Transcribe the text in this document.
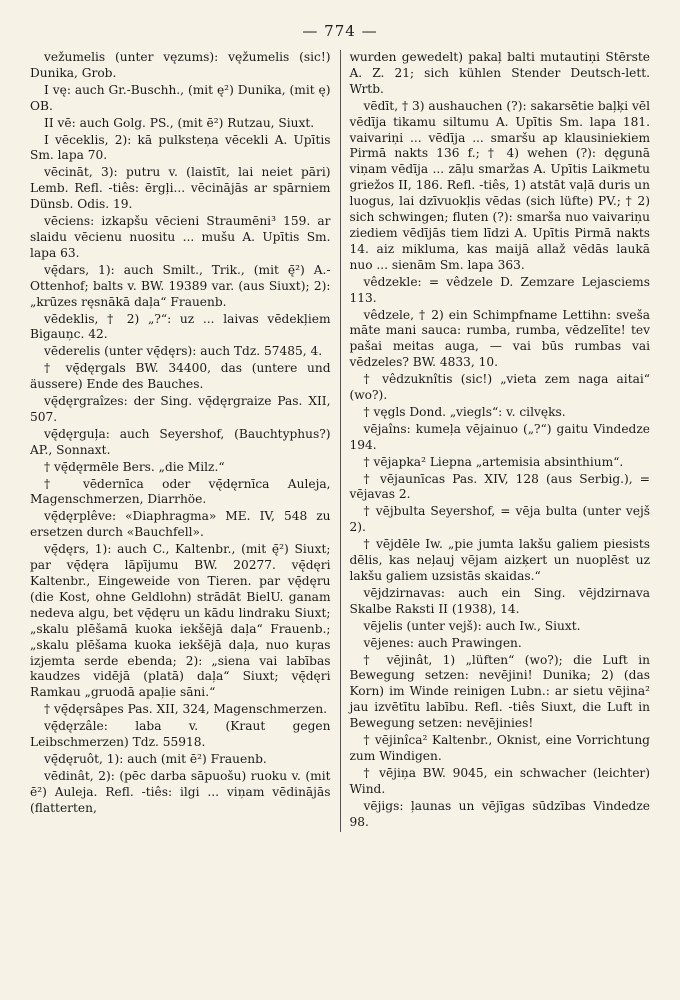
— 774 —

vežumelis (unter vęzums): vęžumelis (sic!) Dunika, Grob.

I vę: auch Gr.-Buschh., (mit ę²) Dunika, (mit ę) OB.

II vē: auch Golg. PS., (mit ē²) Rutzau, Siuxt.

I vēceklis, 2): kā pulksteņa vēcekli A. Upītis Sm. lapa 70.

vēcināt, 3): putru v. (laistīt, lai neiet pāri) Lemb. Refl. -tiês: ērgļi... vēcinājās ar spārniem Dünsb. Odis. 19.

vēciens: izkapšu vēcieni Straumēni³ 159. ar slaidu vēcienu nuositu ... mušu A. Upītis Sm. lapa 63.

vę̄dars, 1): auch Smilt., Trik., (mit ę̄²) A.-Ottenhof; balts v. BW. 19389 var. (aus Siuxt); 2): „krūzes ręsnākā daļa“ Frauenb.

vēdeklis, † 2) „?“: uz ... laivas vēdekļiem Bigauņc. 42.

vēderelis (unter vę̄dęrs): auch Tdz. 57485, 4.

† vę̄dęrgals BW. 34400, das (untere und äussere) Ende des Bauches.

vę̄dęrgraîzes: der Sing. vę̄dęrgraize Pas. XII, 507.

vę̄dęrguļa: auch Seyershof, (Bauchtyphus?) AP., Sonnaxt.

† vę̄dęrmēle Bers. „die Milz.“

† vēdernīca oder vę̄dęrnīca Auleja, Magenschmerzen, Diarrhöe.

vę̄dęrplêve: «Diaphragma» ME. IV, 548 zu ersetzen durch «Bauchfell».

vę̄dęrs, 1): auch C., Kaltenbr., (mit ę̄²) Siuxt; par vę̄dęra lāpījumu BW. 20277. vę̄dęri Kaltenbr., Eingeweide von Tieren. par vę̄dęru (die Kost, ohne Geldlohn) strādāt BielU. ganam nedeva algu, bet vę̄dęru un kādu lindraku Siuxt; „skalu plēšamā kuoka iekšējā daļa“ Frauenb.; „skalu plēšama kuoka iekšējā daļa, nuo kuŗas izjemta serde ebenda; 2): „siena vai labības kaudzes vidējā (platā) daļa“ Siuxt; vę̄dęri Ramkau „gruodā apaļie sāni.“

† vę̄dęrsâpes Pas. XII, 324, Magenschmerzen.

vę̄dęrzâle: laba v. (Kraut gegen Leibschmerzen) Tdz. 55918.

vę̄dęruôt, 1): auch (mit ē²) Frauenb.

vēdinât, 2): (pēc darba sāpuošu) ruoku v. (mit ē²) Auleja. Refl. -tiês: ilgi ... viņam vēdinājās (flatterten,

wurden gewedelt) pakaļ balti mutautiņi Stērste A. Z. 21; sich kühlen Stender Deutsch-lett. Wrtb.

vēdīt, † 3) aushauchen (?): sakarsētie baļķi vēl vēdīja tikamu siltumu A. Upītis Sm. lapa 181. vaivariņi ... vēdīja ... smaršu ap klausiniekiem Pirmā nakts 136 f.; † 4) wehen (?): dęgunā viņam vēdīja ... zāļu smaržas A. Upītis Laikmetu griežos II, 186. Refl. -tiês, 1) atstāt vaļā duris un luogus, lai dzīvuokļis vēdas (sich lüfte) PV.; † 2) sich schwingen; fluten (?): smarša nuo vaivariņu ziediem vēdījās tiem līdzi A. Upītis Pirmā nakts 14. aiz mikluma, kas maijā allaž vēdās laukā nuo ... sienām Sm. lapa 363.

vêdzekle: = vêdzele D. Zemzare Lejasciems 113.

vêdzele, † 2) ein Schimpfname Lettihn: sveša māte mani sauca: rumba, rumba, vēdzelīte! tev pašai meitas auga, — vai būs rumbas vai vēdzeles? BW. 4833, 10.

† vêdzuknîtis (sic!) „vieta zem naga aitai“ (wo?).

† vęgls Dond. „viegls“: v. cilvęks.

vējaîns: kumeļa vējainuo („?“) gaitu Vindedze 194.

† vējapka² Liepna „artemisia absinthium“.

† vējaunīcas Pas. XIV, 128 (aus Serbig.), = vējavas 2.

† vējbulta Seyershof, = vēja bulta (unter vejš 2).

† vējdēle Iw. „pie jumta lakšu galiem piesists dēlis, kas neļauj vējam aizķert un nuoplēst uz lakšu galiem uzsistās skaidas.“

vējdzirnavas: auch ein Sing. vējdzirnava Skalbe Raksti II (1938), 14.

vējelis (unter vejš): auch Iw., Siuxt.

vējenes: auch Prawingen.

† vējinât, 1) „lüften“ (wo?); die Luft in Bewegung setzen: nevējini! Dunika; 2) (das Korn) im Winde reinigen Lubn.: ar sietu vējina² jau izvētītu labību. Refl. -tiês Siuxt, die Luft in Bewegung setzen: nevējinies!

† vējinîca² Kaltenbr., Oknist, eine Vorrichtung zum Windigen.

† vējiņa BW. 9045, ein schwacher (leichter) Wind.

vējigs: ļaunas un vējīgas sūdzības Vindedze 98.
